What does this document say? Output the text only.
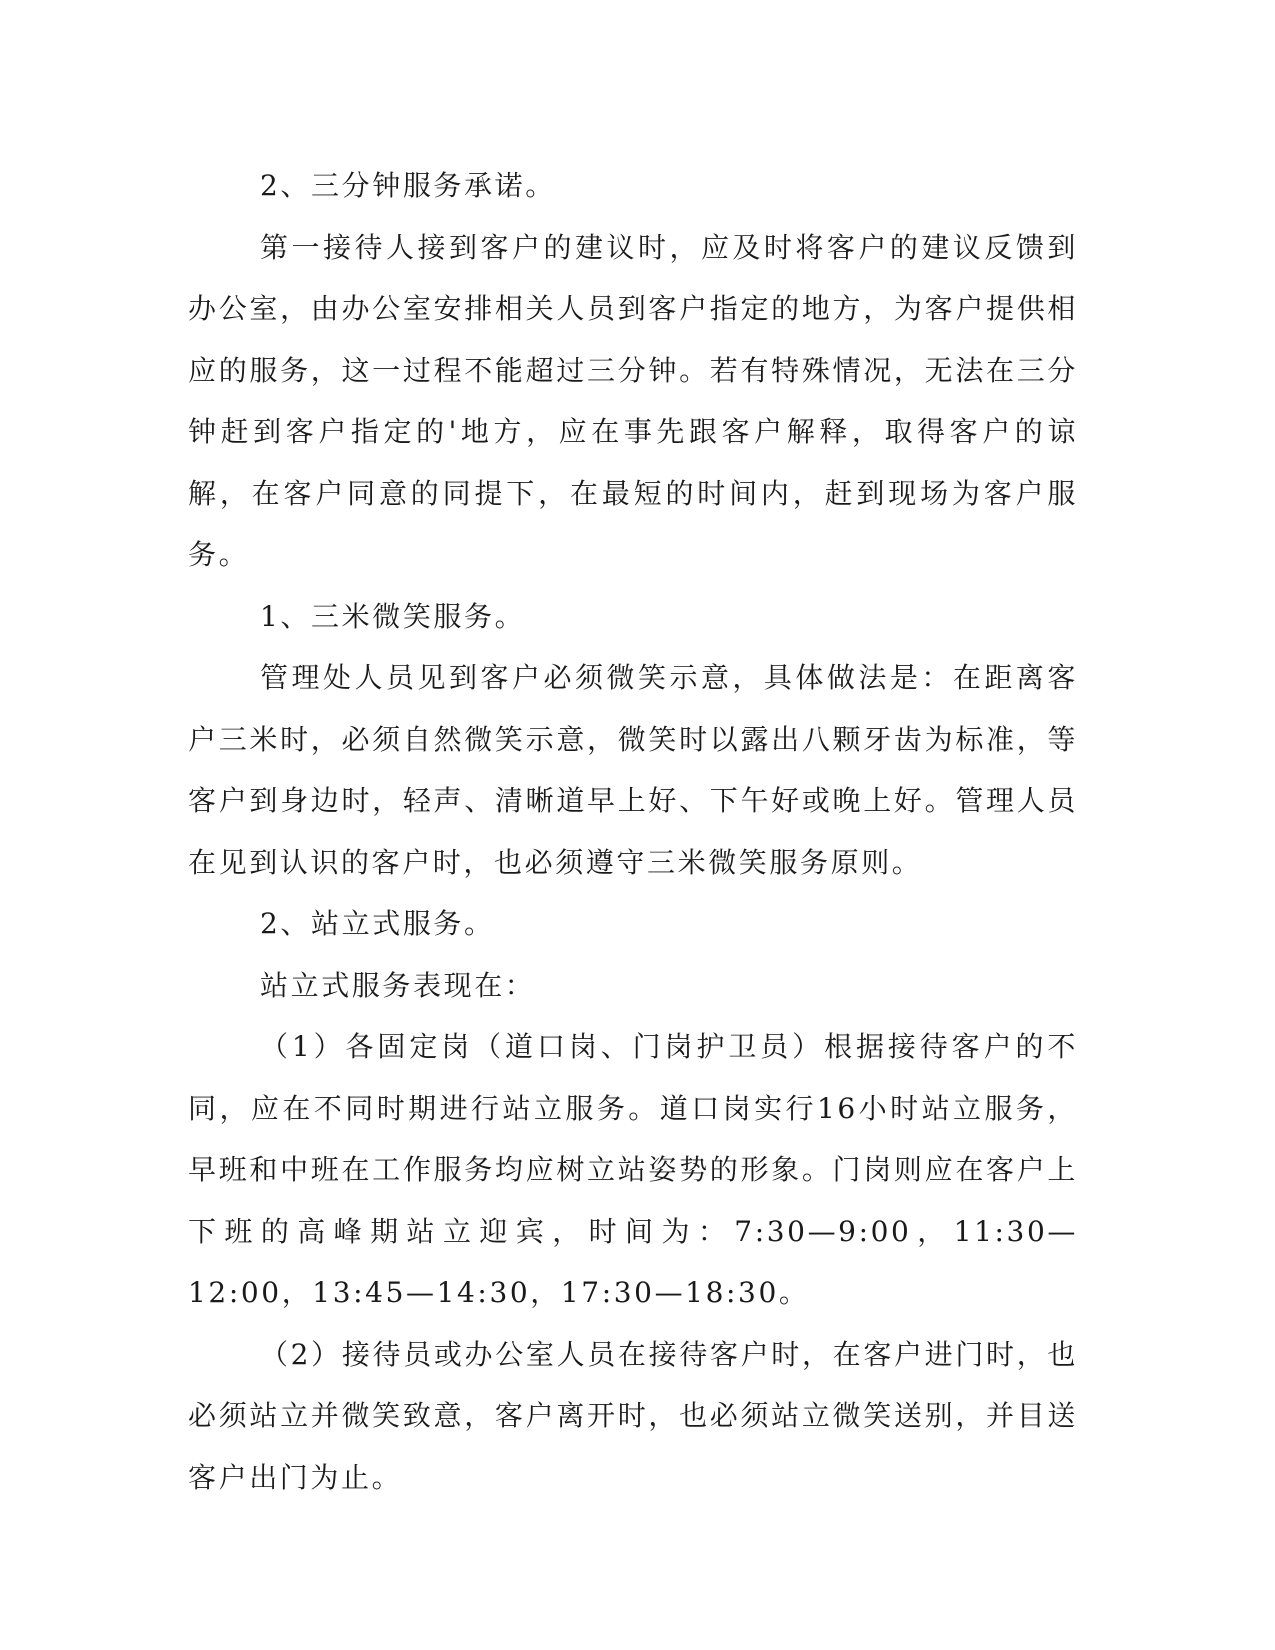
2、三分钟服务承诺。

第一接待人接到客户的建议时，应及时将客户的建议反馈到办公室，由办公室安排相关人员到客户指定的地方，为客户提供相应的服务，这一过程不能超过三分钟。若有特殊情况，无法在三分钟赶到客户指定的'地方，应在事先跟客户解释，取得客户的谅解，在客户同意的同提下，在最短的时间内，赶到现场为客户服务。

1、三米微笑服务。

管理处人员见到客户必须微笑示意，具体做法是：在距离客户三米时，必须自然微笑示意，微笑时以露出八颗牙齿为标准，等客户到身边时，轻声、清晰道早上好、下午好或晚上好。管理人员在见到认识的客户时，也必须遵守三米微笑服务原则。

2、站立式服务。

站立式服务表现在：

（1）各固定岗（道口岗、门岗护卫员）根据接待客户的不同，应在不同时期进行站立服务。道口岗实行16小时站立服务，早班和中班在工作服务均应树立站姿势的形象。门岗则应在客户上下班的高峰期站立迎宾，时间为：7:30—9:00，11:30—12:00，13:45—14:30，17:30—18:30。

（2）接待员或办公室人员在接待客户时，在客户进门时，也必须站立并微笑致意，客户离开时，也必须站立微笑送别，并目送客户出门为止。
